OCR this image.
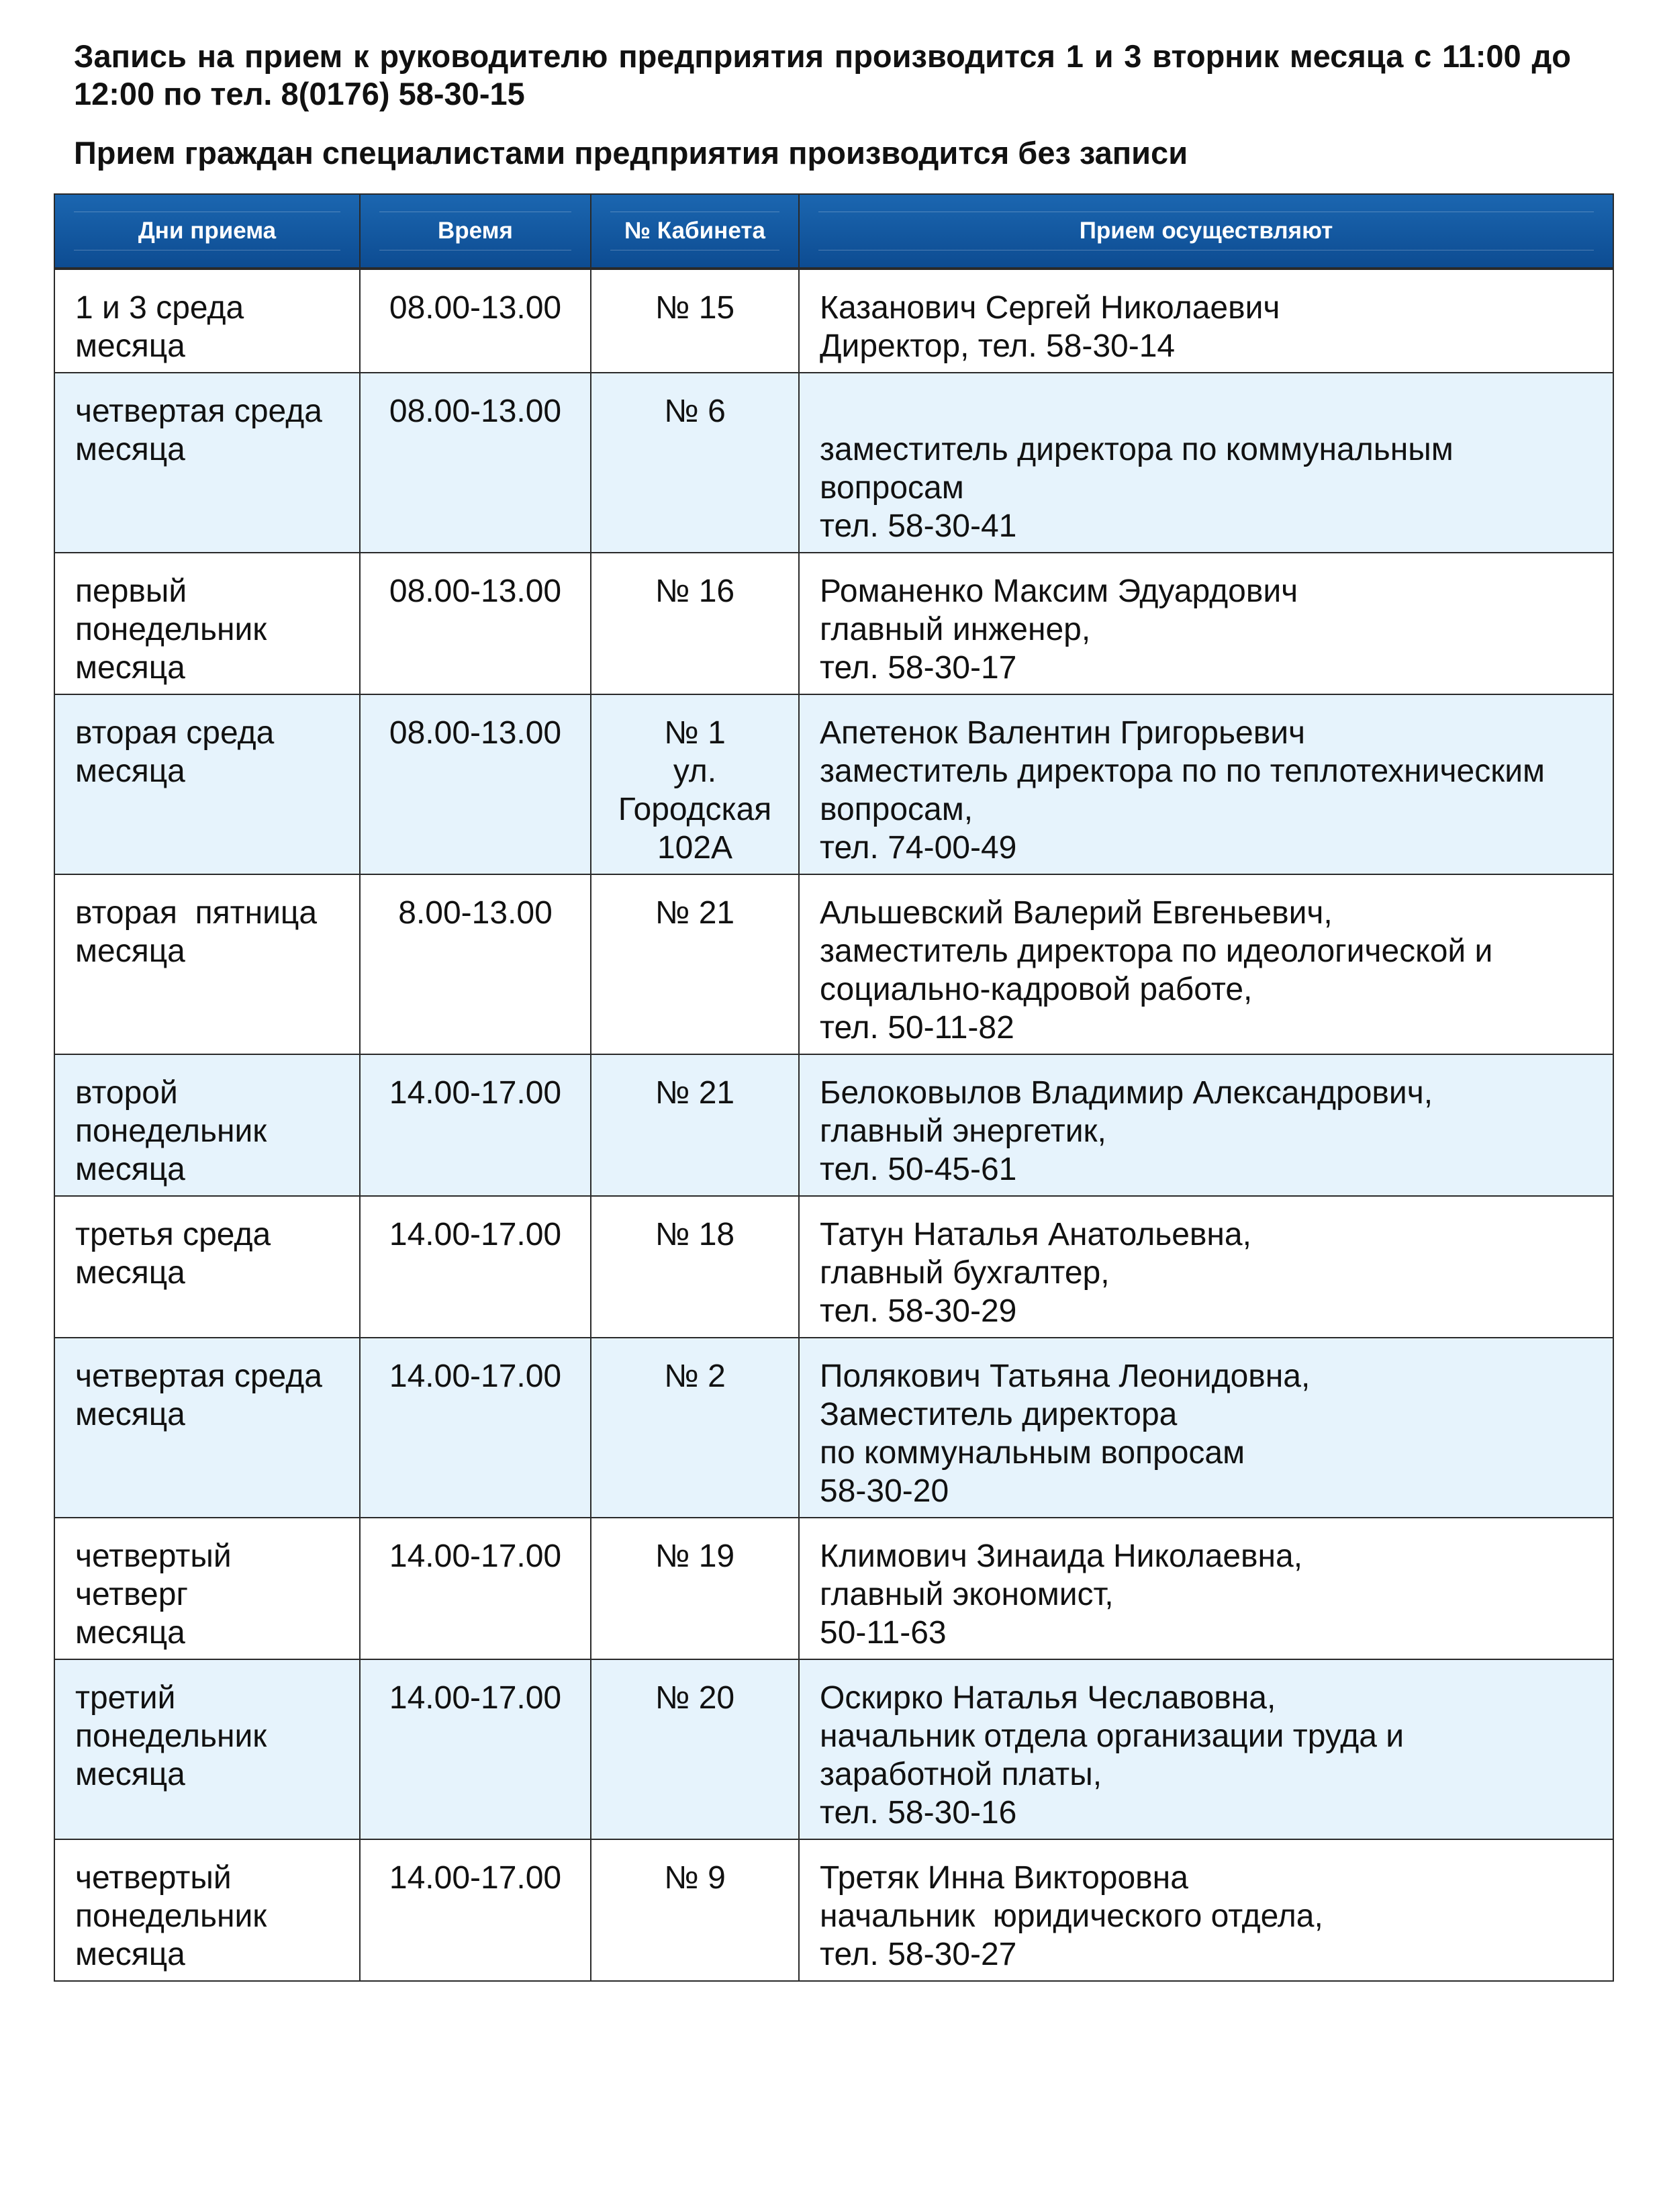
Запись на прием к руководителю предприятия производится 1 и 3 вторник месяца с 11:00 до 12:00 по тел. 8(0176) 58-30-15

Прием граждан специалистами предприятия производится без записи

Дни приема	Время	№ Кабинета	Прием осуществляют

1 и 3 среда
месяца	08.00-13.00	№ 15	Казанович Сергей Николаевич
Директор, тел. 58-30-14

четвертая среда
месяца	08.00-13.00	№ 6	заместитель директора по коммунальным
вопросам
тел. 58-30-41

первый
понедельник
месяца	08.00-13.00	№ 16	Романенко Максим Эдуардович
главный инженер,
тел. 58-30-17

вторая среда
месяца	08.00-13.00	№ 1
ул.
Городская
102А	Апетенок Валентин Григорьевич
заместитель директора по по теплотехническим
вопросам,
тел. 74-00-49

вторая  пятница
месяца	8.00-13.00	№ 21	Альшевский Валерий Евгеньевич,
заместитель директора по идеологической и
социально-кадровой работе,
тел. 50-11-82

второй
понедельник
месяца	14.00-17.00	№ 21	Белоковылов Владимир Александрович,
главный энергетик,
тел. 50-45-61

третья среда
месяца	14.00-17.00	№ 18	Татун Наталья Анатольевна,
главный бухгалтер,
тел. 58-30-29

четвертая среда
месяца	14.00-17.00	№ 2	Полякович Татьяна Леонидовна,
Заместитель директора
по коммунальным вопросам
58-30-20

четвертый
четверг
месяца	14.00-17.00	№ 19	Климович Зинаида Николаевна,
главный экономист,
50-11-63

третий
понедельник
месяца	14.00-17.00	№ 20	Оскирко Наталья Чеславовна,
начальник отдела организации труда и
заработной платы,
тел. 58-30-16

четвертый
понедельник
месяца	14.00-17.00	№ 9	Третяк Инна Викторовна
начальник  юридического отдела,
тел. 58-30-27
